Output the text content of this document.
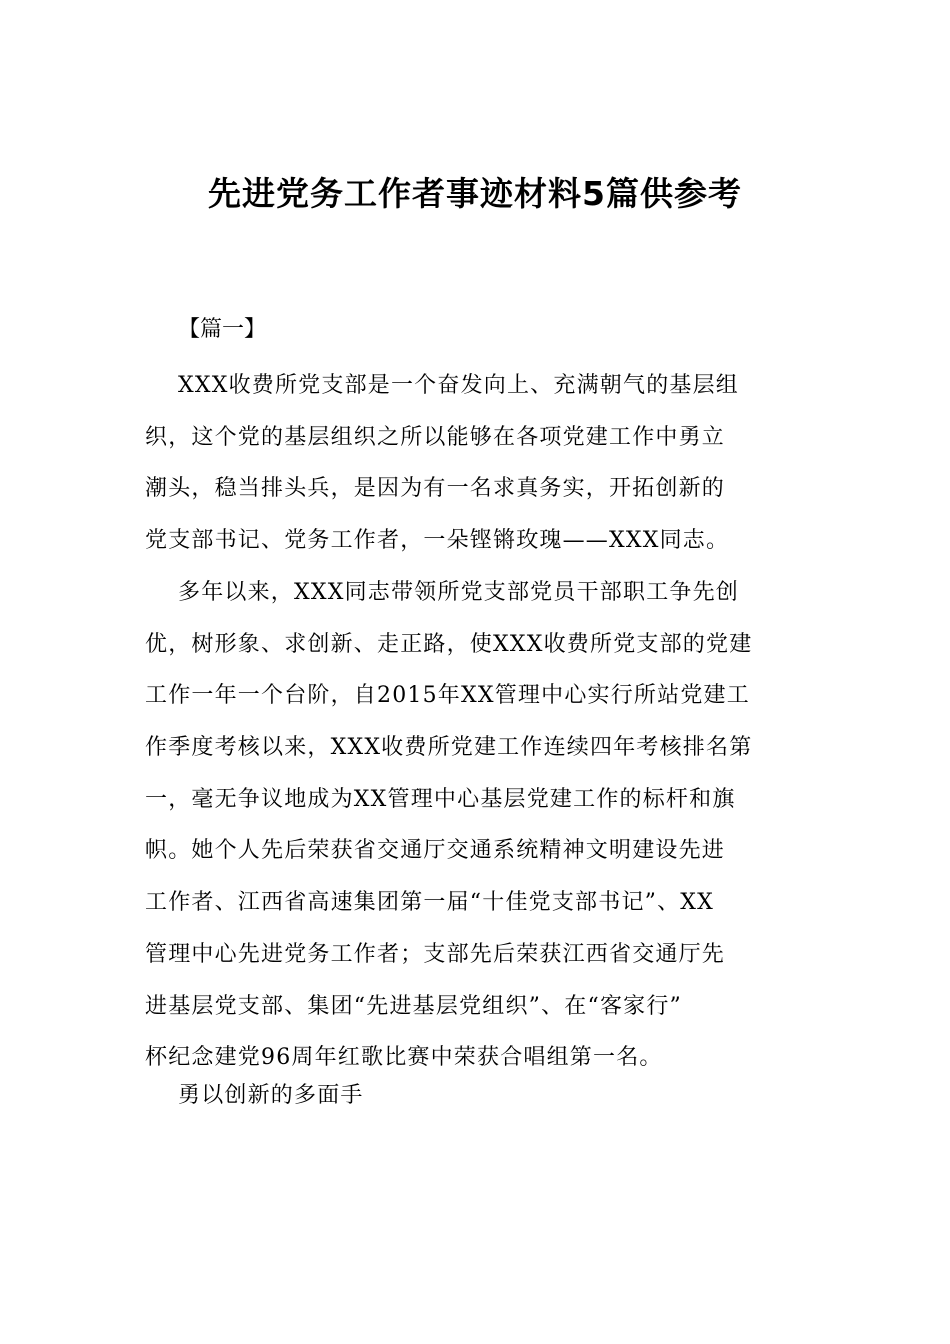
先进党务工作者事迹材料5篇供参考
【篇一】
XXX收费所党支部是一个奋发向上、充满朝气的基层组
织，这个党的基层组织之所以能够在各项党建工作中勇立
潮头，稳当排头兵，是因为有一名求真务实，开拓创新的
党支部书记、党务工作者，一朵铿锵玫瑰——XXX同志。
多年以来，XXX同志带领所党支部党员干部职工争先创
优，树形象、求创新、走正路，使XXX收费所党支部的党建
工作一年一个台阶，自2015年XX管理中心实行所站党建工
作季度考核以来，XXX收费所党建工作连续四年考核排名第
一，毫无争议地成为XX管理中心基层党建工作的标杆和旗
帜。她个人先后荣获省交通厅交通系统精神文明建设先进
工作者、江西省高速集团第一届“十佳党支部书记”、XX
管理中心先进党务工作者；支部先后荣获江西省交通厅先
进基层党支部、集团“先进基层党组织”、在“客家行”
杯纪念建党96周年红歌比赛中荣获合唱组第一名。
勇以创新的多面手
